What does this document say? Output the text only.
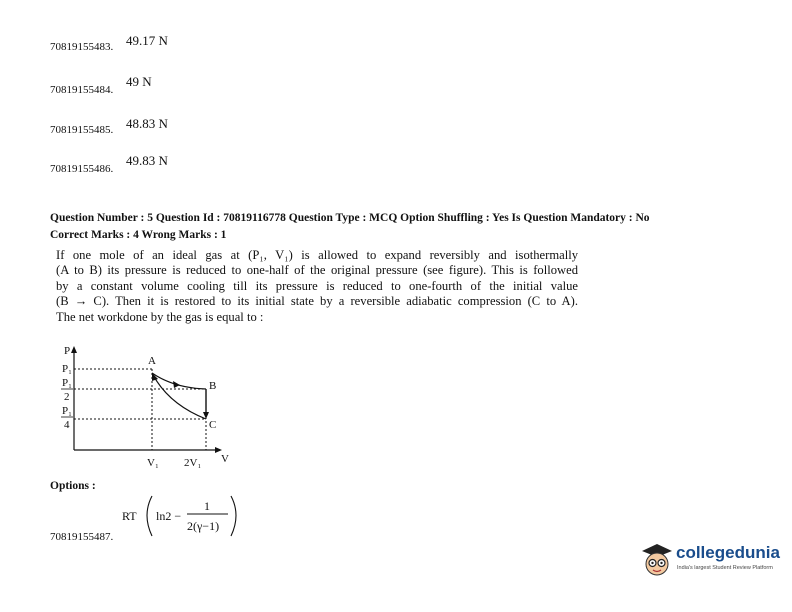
70819155483. 49.17 N
70819155484.
49 N
70819155485. 48.83 N
70819155486.
49.83 N
Question Number : 5 Question Id : 70819116778 Question Type : MCQ Option Shuffling : Yes Is Question Mandatory : No
Correct Marks : 4 Wrong Marks : 1

If one mole of an ideal gas at (P₁, V₁) is allowed to expand reversibly and isothermally

(A to B) its pressure is reduced to one-half of the original pressure (see figure). This is followed

by a constant volume cooling till its pressure is reduced to one-fourth of the initial value

(B → C). Then it is restored to its initial state by a reversible adiabatic compression (C to A).

The net workdone by the gas is equal to :

P
V
P₁
P₁
2
P₁
4
A
B
C
V₁ 2V₁
Options :
RT ln2 −
1
2(γ−1)
70819155487.
collegedunia
India's largest Student Review Platform
